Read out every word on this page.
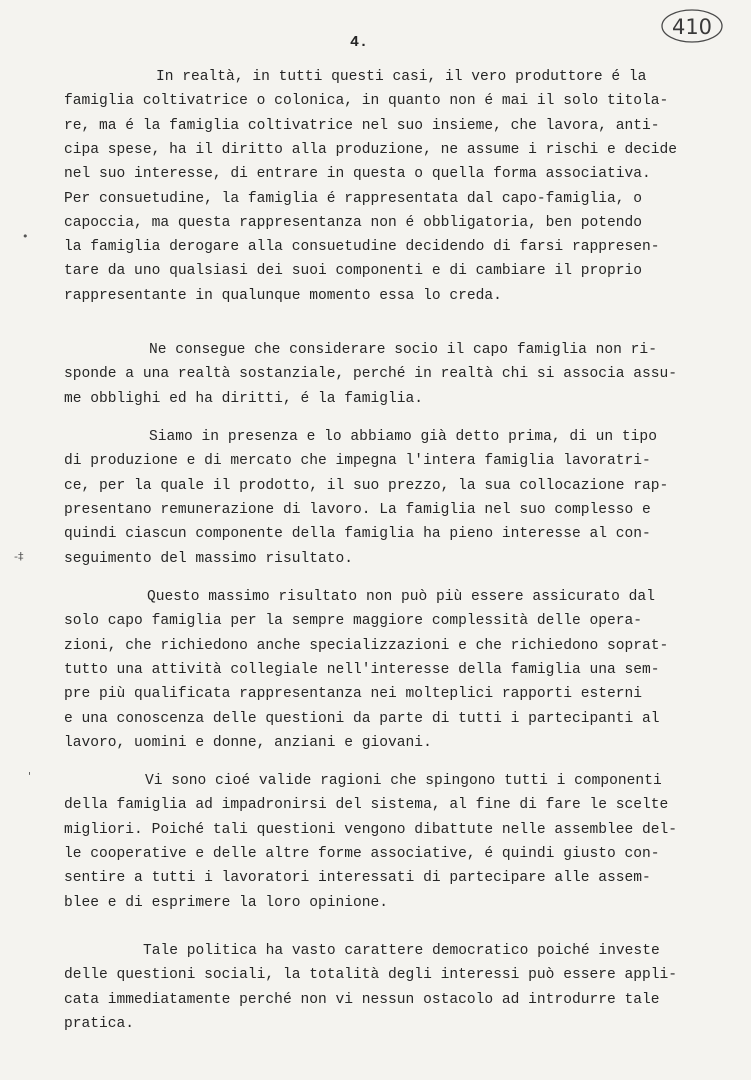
4.
410
In realtà, in tutti questi casi, il vero produttore é la
famiglia coltivatrice o colonica, in quanto non é mai il solo titola-
re, ma é la famiglia coltivatrice nel suo insieme, che lavora, anti-
cipa spese, ha il diritto alla produzione, ne assume i rischi e decide
nel suo interesse, di entrare in questa o quella forma associativa.
Per consuetudine, la famiglia é rappresentata dal capo-famiglia, o
capoccia, ma questa rappresentanza non é obbligatoria, ben potendo
la famiglia derogare alla consuetudine decidendo di farsi rappresen-
tare da uno qualsiasi dei suoi componenti e di cambiare il proprio
rappresentante in qualunque momento essa lo creda.
Ne consegue che considerare socio il capo famiglia non ri-
sponde a una realtà sostanziale, perché in realtà chi si associa assu-
me obblighi ed ha diritti, é la famiglia.
Siamo in presenza e lo abbiamo già detto prima, di un tipo
di produzione e di mercato che impegna l'intera famiglia lavoratri-
ce, per la quale il prodotto, il suo prezzo, la sua collocazione rap-
presentano remunerazione di lavoro. La famiglia nel suo complesso e
quindi ciascun componente della famiglia ha pieno interesse al con-
seguimento del massimo risultato.
Questo massimo risultato non può più essere assicurato dal
solo capo famiglia per la sempre maggiore complessità delle opera-
zioni, che richiedono anche specializzazioni e che richiedono soprat-
tutto una attività collegiale nell'interesse della famiglia una sem-
pre più qualificata rappresentanza nei molteplici rapporti esterni
e una conoscenza delle questioni da parte di tutti i partecipanti al
lavoro, uomini e donne, anziani e giovani.
Vi sono cioé valide ragioni che spingono tutti i componenti
della famiglia ad impadronirsi del sistema, al fine di fare le scelte
migliori. Poiché tali questioni vengono dibattute nelle assemblee del-
le cooperative e delle altre forme associative, é quindi giusto con-
sentire a tutti i lavoratori interessati di partecipare alle assem-
blee e di esprimere la loro opinione.
Tale politica ha vasto carattere democratico poiché investe
delle questioni sociali, la totalità degli interessi può essere appli-
cata immediatamente perché non vi nessun ostacolo ad introdurre tale
pratica.
•
-‡
'
